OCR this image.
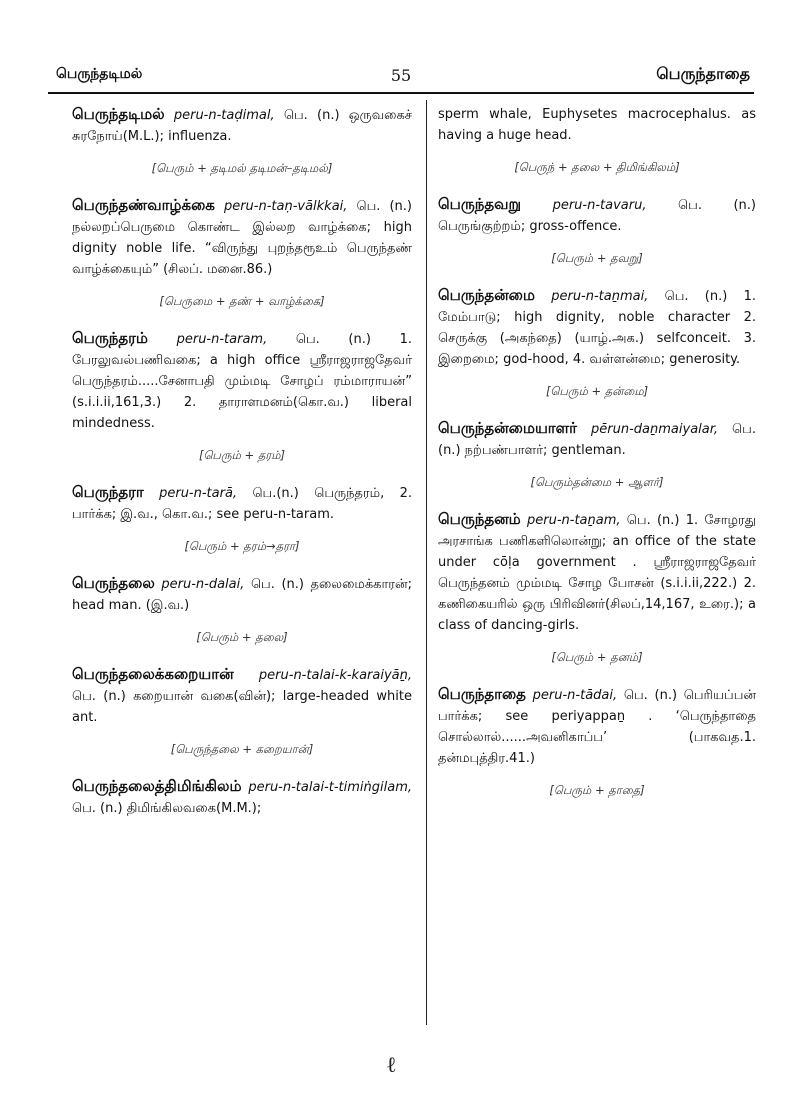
பெருந்தடிமல்	55	பெருந்தாதை

பெருந்தடிமல் peru-n-taḍimal, பெ. (n.) ஒருவகைச் சுரநோய்(M.L.); influenza.

[பெரும் + தடிமல் தடிமன்–தடிமல்]

பெருந்தண்வாழ்க்கை peru-n-taṇ-vālkkai, பெ. (n.) நல்லறப்பெருமை கொண்ட இல்லற வாழ்க்கை; high dignity noble life. “விருந்து புறந்தரூஉம் பெருந்தண் வாழ்க்கையும்” (சிலப். மனை.86.)

[பெருமை + தண் + வாழ்க்கை]

பெருந்தரம் peru-n-taram, பெ. (n.) 1. பேரலுவல்பணிவகை; a high office ஸ்ரீராஜராஜதேவர் பெருந்தரம்.....சேனாபதி மும்மடி சோழப் ரம்மாராயன்” (s.i.i.ii,161,3.) 2. தாராளமனம்(கொ.வ.) liberal mindedness.

[பெரும் + தரம்]

பெருந்தரா peru-n-tarā, பெ.(n.) பெருந்தரம், 2. பார்க்க; இ.வ., கொ.வ.; see peru-n-taram.

[பெரும் + தரம்→தரா]

பெருந்தலை peru-n-dalai, பெ. (n.) தலைமைக்காரன்; head man. (இ.வ.)

[பெரும் + தலை]

பெருந்தலைக்கறையான் peru-n-talai-k-karaiyāṉ, பெ. (n.) கறையான் வகை(வின்); large-headed white ant.

[பெருந்தலை + கறையான்]

பெருந்தலைத்திமிங்கிலம் peru-n-talai-t-timiṅgilam, பெ. (n.) திமிங்கிலவகை(M.M.);

sperm whale, Euphysetes macrocephalus. as having a huge head.

[பெருந் + தலை + திமிங்கிலம்]

பெருந்தவறு peru-n-tavaru, பெ. (n.) பெருங்குற்றம்; gross-offence.

[பெரும் + தவறு]

பெருந்தன்மை peru-n-taṉmai, பெ. (n.) 1. மேம்பாடு; high dignity, noble character 2. செருக்கு (அகந்தை) (யாழ்.அக.) selfconceit. 3. இறைமை; god-hood, 4. வள்ளன்மை; generosity.

[பெரும் + தன்மை]

பெருந்தன்மையாளர் pērun-daṉmaiyalar, பெ. (n.) நற்பண்பாளர்; gentleman.

[பெரும்தன்மை + ஆளர்]

பெருந்தனம் peru-n-taṉam, பெ. (n.) 1. சோழரது அரசாங்க பணிகளிலொன்று; an office of the state under cōḷa government . ஸ்ரீராஜராஜதேவர் பெருந்தனம் மும்மடி சோழ போசன் (s.i.i.ii,222.) 2. கணிகையரில் ஒரு பிரிவினர்(சிலப்,14,167, உரை.); a class of dancing-girls.

[பெரும் + தனம்]

பெருந்தாதை peru-n-tādai, பெ. (n.) பெரியப்பன் பார்க்க; see periyappaṉ . ‘பெருந்தாதை சொல்லால்......அவனிகாப்ப’ (பாகவத.1. தன்மபுத்திர.41.)

[பெரும் + தாதை]
ℓ
